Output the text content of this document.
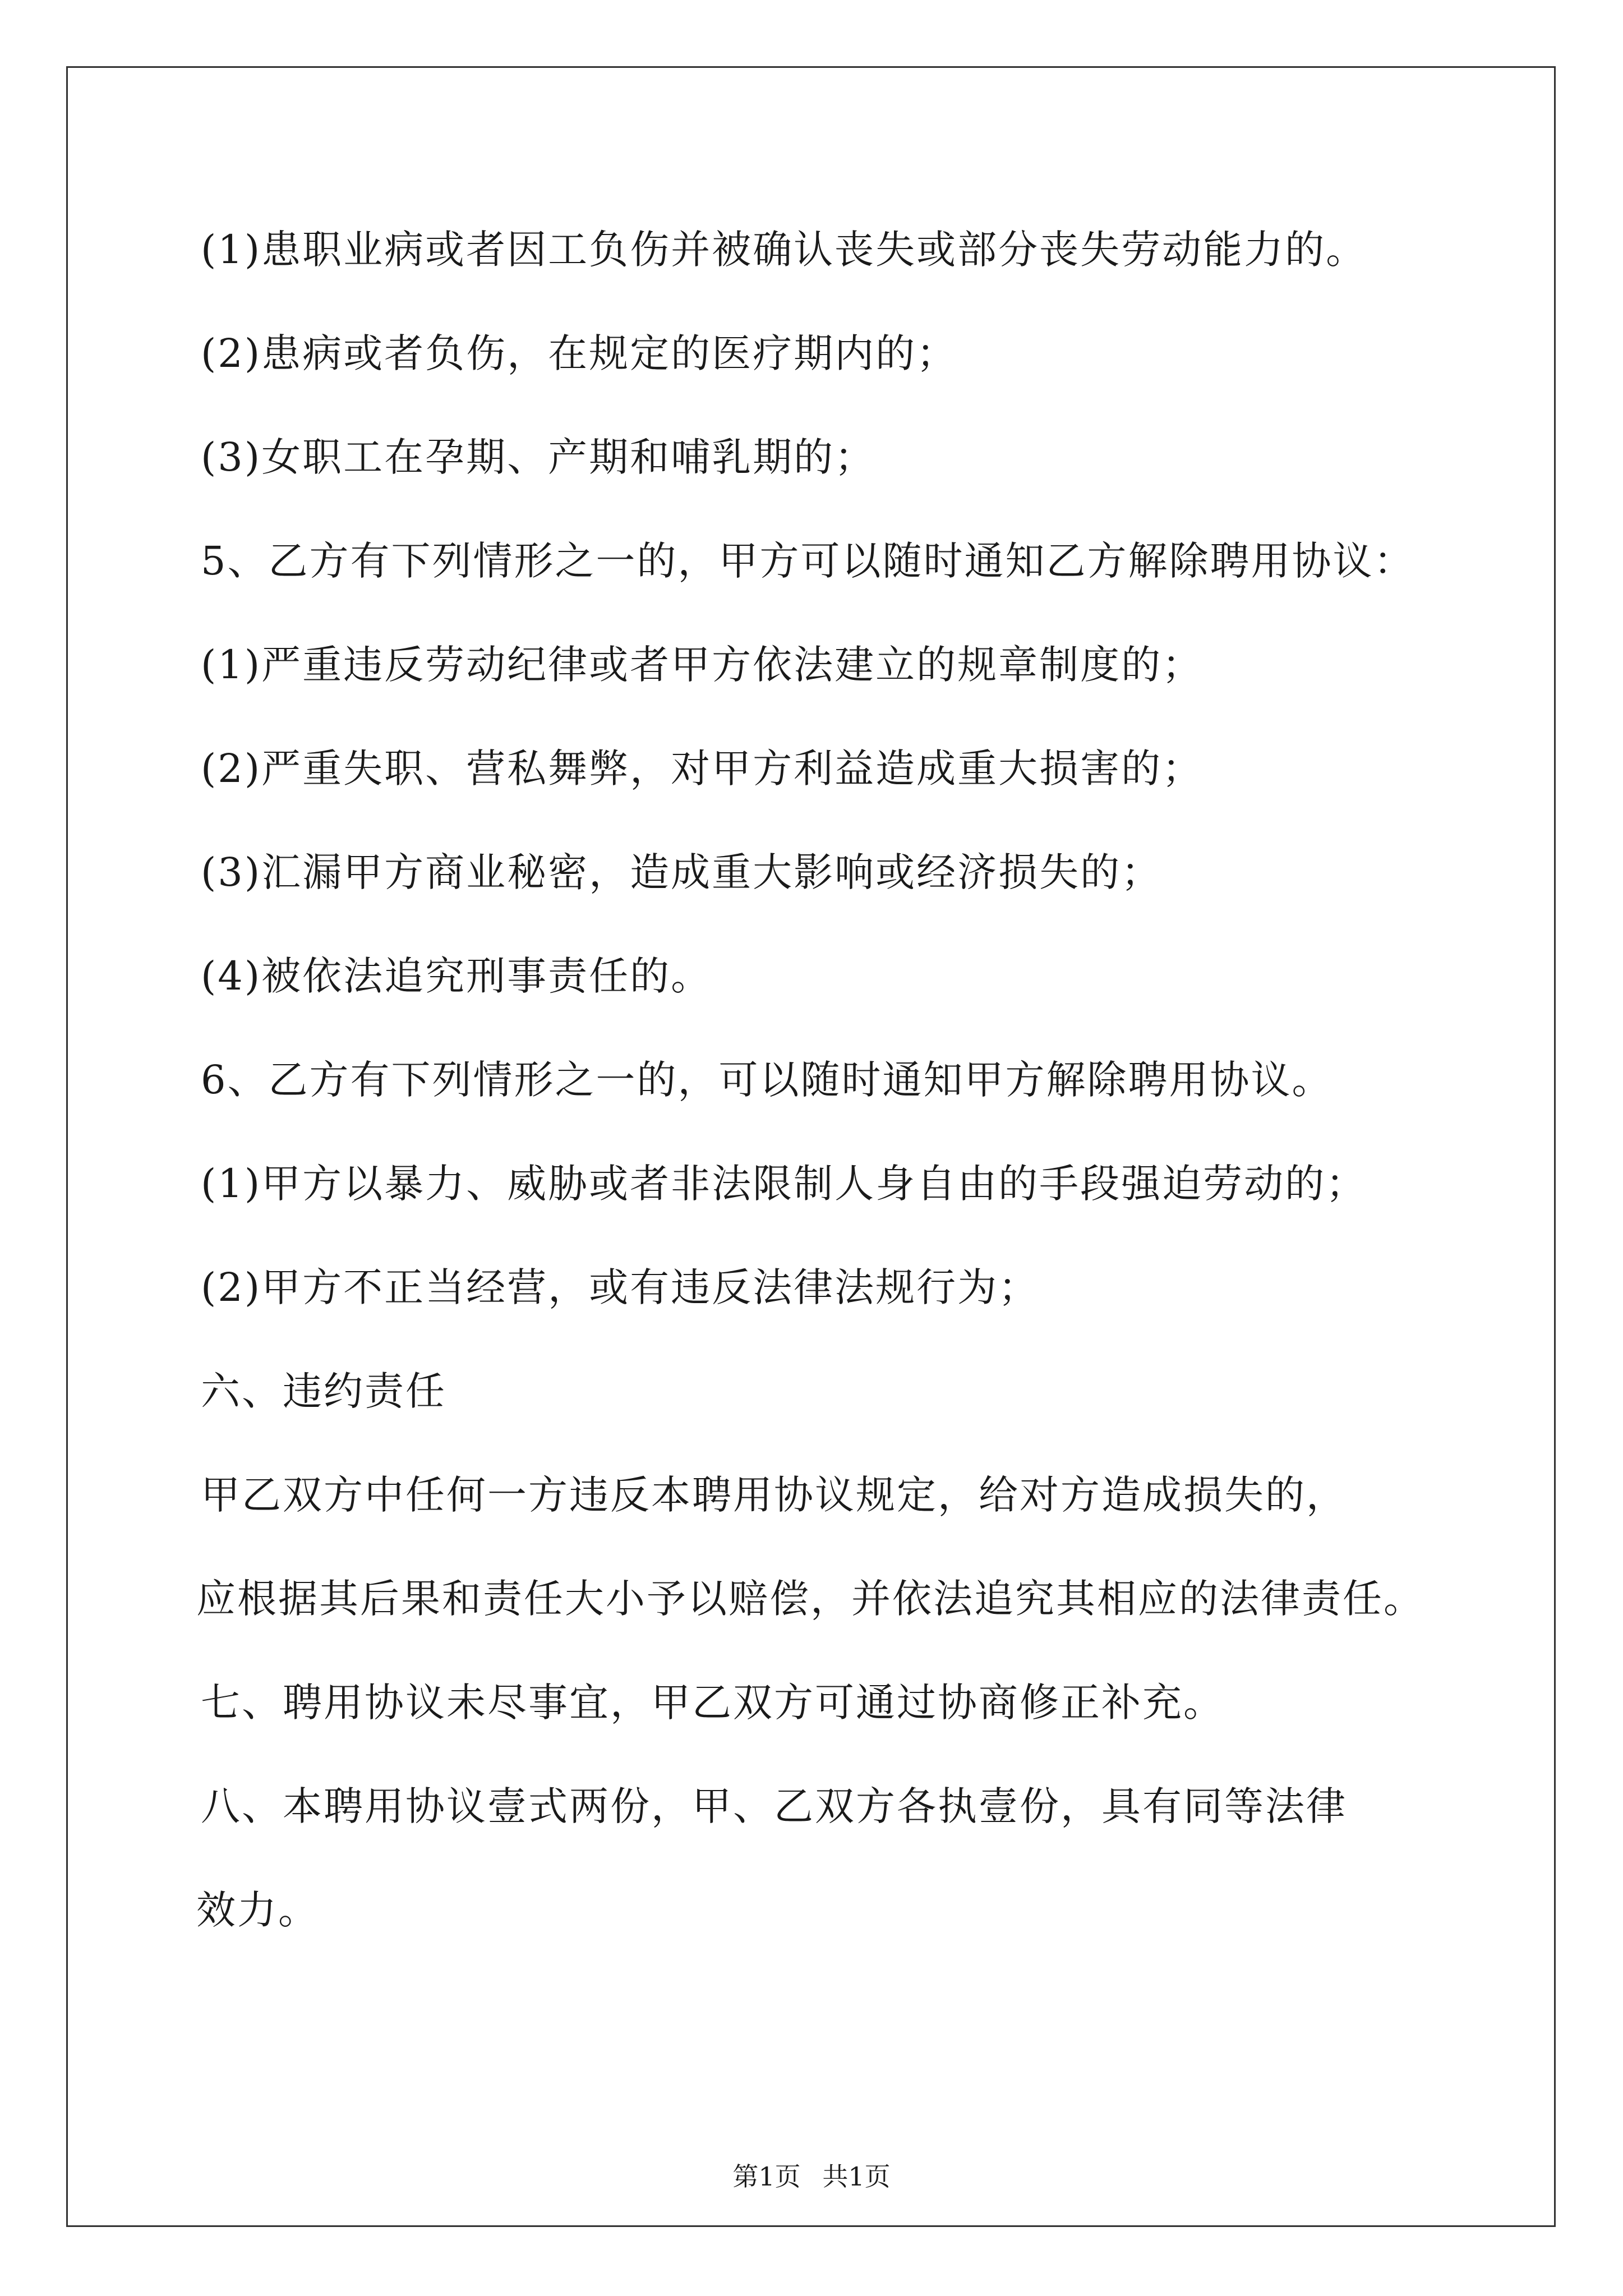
(1)患职业病或者因工负伤并被确认丧失或部分丧失劳动能力的。
(2)患病或者负伤，在规定的医疗期内的；
(3)女职工在孕期、产期和哺乳期的；
5、乙方有下列情形之一的，甲方可以随时通知乙方解除聘用协议：
(1)严重违反劳动纪律或者甲方依法建立的规章制度的；
(2)严重失职、营私舞弊，对甲方利益造成重大损害的；
(3)汇漏甲方商业秘密，造成重大影响或经济损失的；
(4)被依法追究刑事责任的。
6、乙方有下列情形之一的，可以随时通知甲方解除聘用协议。
(1)甲方以暴力、威胁或者非法限制人身自由的手段强迫劳动的；
(2)甲方不正当经营，或有违反法律法规行为；
六、违约责任
甲乙双方中任何一方违反本聘用协议规定，给对方造成损失的，
应根据其后果和责任大小予以赔偿，并依法追究其相应的法律责任。
七、聘用协议未尽事宜，甲乙双方可通过协商修正补充。
八、本聘用协议壹式两份，甲、乙双方各执壹份，具有同等法律
效力。
第1页 共1页
